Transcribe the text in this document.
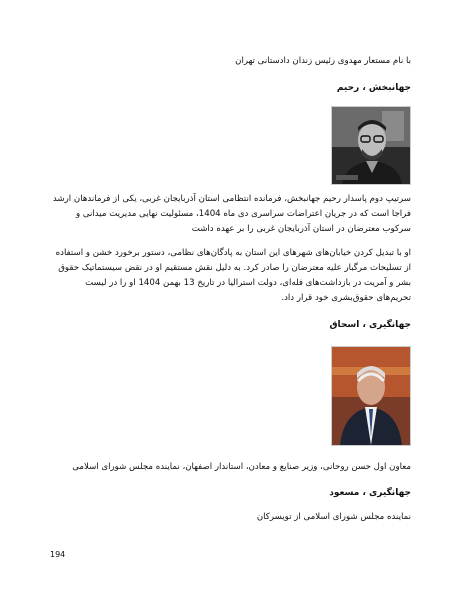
با نام مستعار مهدوی رئیس زندان دادستانی تهران
جهانبخش ، رحیم
سرتیپ دوم پاسدار رحیم جهانبخش، فرمانده انتظامی استان آذربایجان غربی، یکی از فرماندهان ارشد فراجا است که در جریان اعتراضات سراسری دی ماه 1404، مسئولیت نهایی مدیریت میدانی و سرکوب معترضان در استان آذربایجان غربی را بر عهده داشت
او با تبدیل کردن خیابان‌های شهرهای این استان به پادگان‌های نظامی، دستور برخورد خشن و استفاده از تسلیحات مرگبار علیه معترضان را صادر کرد. به دلیل نقش مستقیم او در نقض سیستماتیک حقوق بشر و آمریت در بازداشت‌های فله‌ای، دولت استرالیا در تاریخ 13 بهمن 1404 او را در لیست تحریم‌های حقوق‌بشری خود قرار داد.
جهانگیری ، اسحاق
معاون اول حسن روحانی، وزیر صنایع و معادن، استاندار اصفهان، نماینده مجلس شورای اسلامی
جهانگیری ، مسعود
نماینده مجلس شورای اسلامی از تویسرکان
194
